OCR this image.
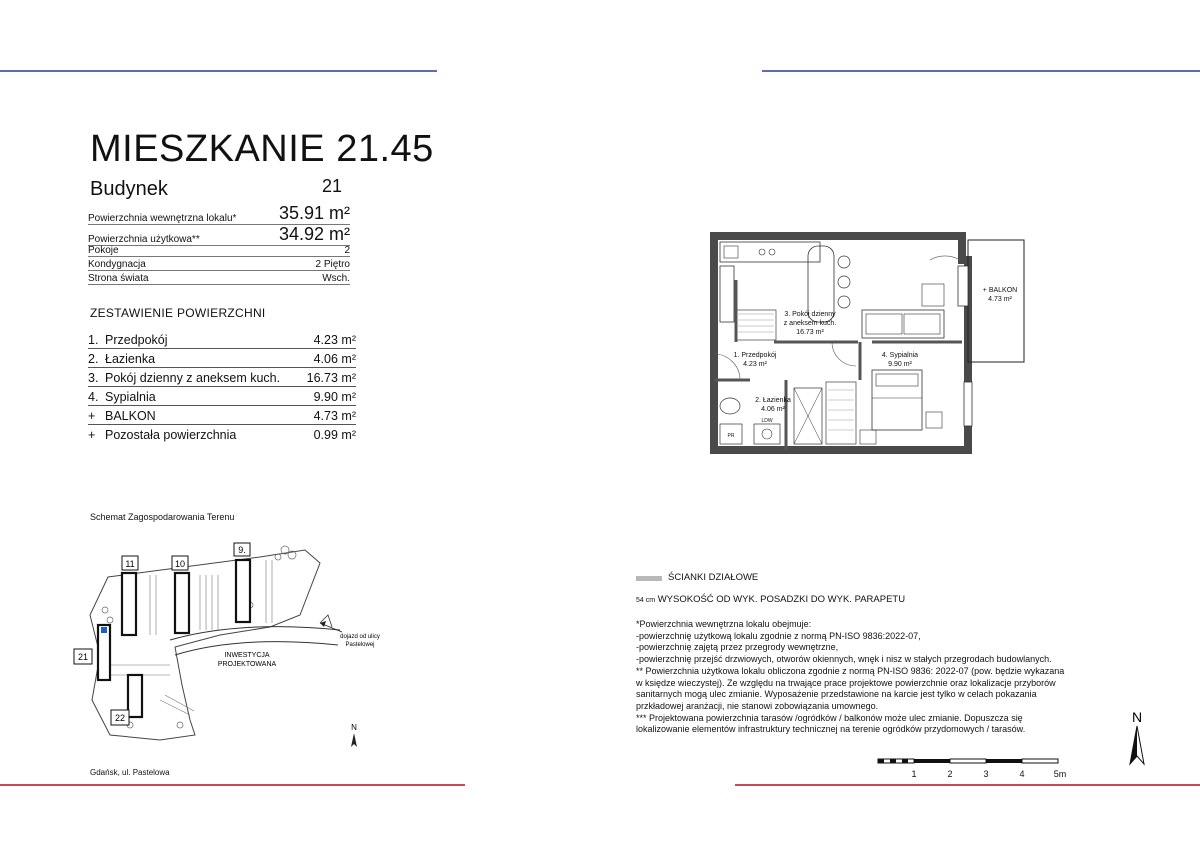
MIESZKANIE 21.45
Budynek	21
Powierzchnia wewnętrzna lokalu* 35.91 m²
Powierzchnia użytkowa**	34.92 m²
Pokoje	2
Kondygnacja	2 Piętro
Strona świata	Wsch.
ZESTAWIENIE POWIERZCHNI
1. Przedpokój	4.23 m²
2. Łazienka	4.06 m²
3. Pokój dzienny z aneksem kuch. 16.73 m²
4. Sypialnia	9.90 m²
+ BALKON	4.73 m²
+ Pozostała powierzchnia	0.99 m²
Schemat Zagospodarowania Terenu
9.
10
11
21
22
INWESTYCJA
PROJEKTOWANA
dojazd od ulicy
Pastelowej
N
Gdańsk, ul. Pastelowa
3. Pokój dzienny
z aneksem kuch.
16.73 m²
1. Przedpokój
4.23 m²
4. Sypialnia
9.90 m²
2. Łazienka
4.06 m²
+ BALKON
4.73 m²
PR
LDW
ŚCIANKI DZIAŁOWE
54 cm WYSOKOŚĆ OD WYK. POSADZKI DO WYK. PARAPETU
*Powierzchnia wewnętrzna lokalu obejmuje:
-powierzchnię użytkową lokalu zgodnie z normą PN-ISO 9836:2022-07,
-powierzchnię zajętą przez przegrody wewnętrzne,
-powierzchnię przejść drzwiowych, otworów okiennych, wnęk i nisz w stałych przegrodach budowlanych.
** Powierzchnia użytkowa lokalu obliczona zgodnie z normą PN-ISO 9836: 2022-07 (pow. będzie wykazana
w księdze wieczystej). Ze względu na trwające prace projektowe powierzchnie oraz lokalizacje przyborów
sanitarnych mogą ulec zmianie. Wyposażenie przedstawione na karcie jest tylko w celach pokazania
przkładowej aranżacji, nie stanowi zobowiązania umownego.
*** Projektowana powierzchnia tarasów /ogródków / balkonów może ulec zmianie. Dopuszcza się
lokalizowanie elementów infrastruktury technicznej na terenie ogródków przydomowych / tarasów.
N
1	2	3	4	5m
